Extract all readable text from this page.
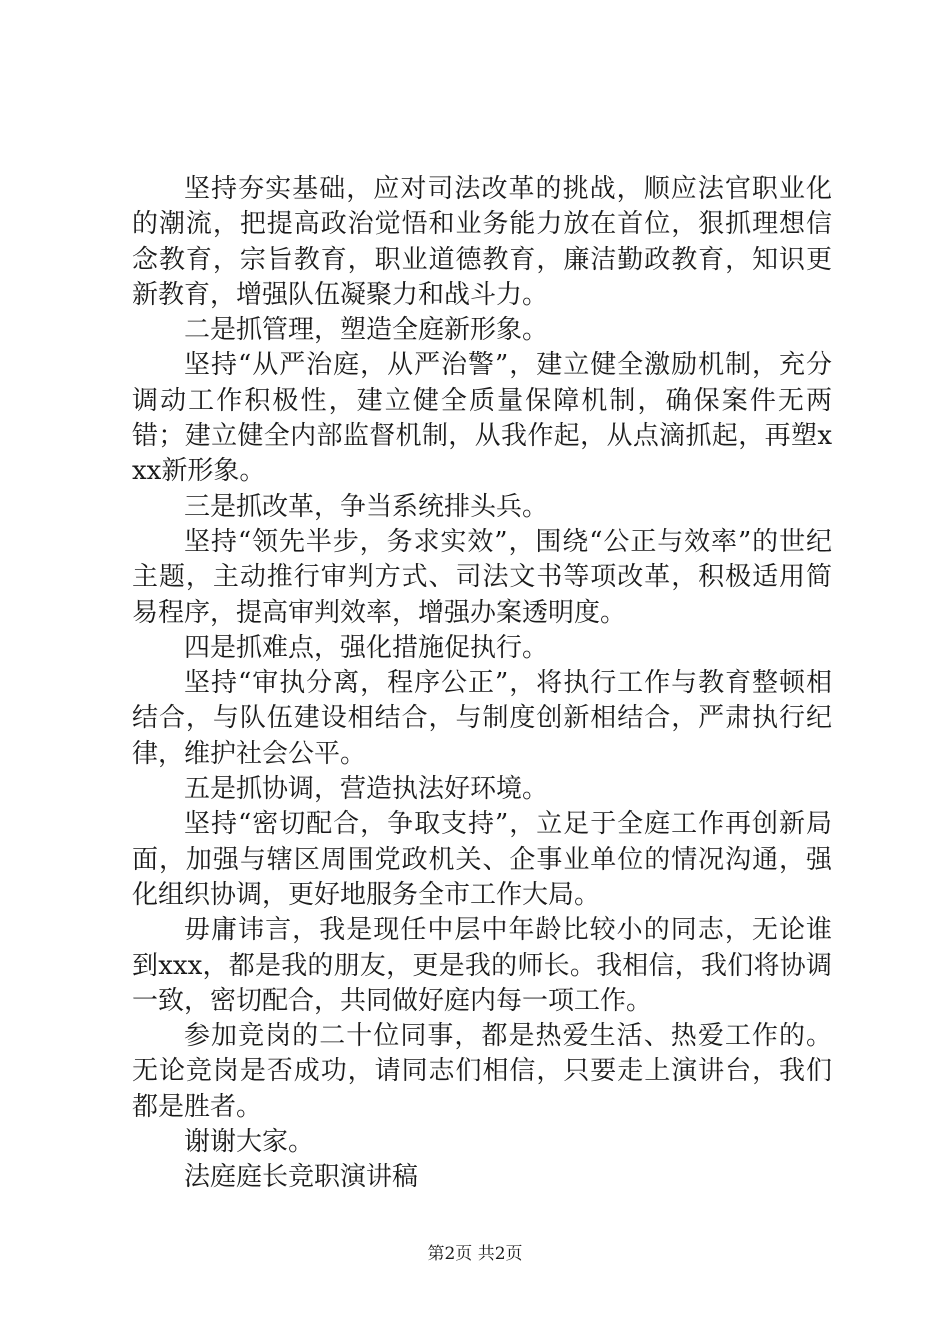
坚持夯实基础，应对司法改革的挑战，顺应法官职业化的潮流，把提高政治觉悟和业务能力放在首位，狠抓理想信念教育，宗旨教育，职业道德教育，廉洁勤政教育，知识更新教育，增强队伍凝聚力和战斗力。

二是抓管理，塑造全庭新形象。

坚持“从严治庭，从严治警”，建立健全激励机制，充分调动工作积极性，建立健全质量保障机制，确保案件无两错；建立健全内部监督机制，从我作起，从点滴抓起，再塑xxx新形象。

三是抓改革，争当系统排头兵。

坚持“领先半步，务求实效”，围绕“公正与效率”的世纪主题，主动推行审判方式、司法文书等项改革，积极适用简易程序，提高审判效率，增强办案透明度。

四是抓难点，强化措施促执行。

坚持“审执分离，程序公正”，将执行工作与教育整顿相结合，与队伍建设相结合，与制度创新相结合，严肃执行纪律，维护社会公平。

五是抓协调，营造执法好环境。

坚持“密切配合，争取支持”，立足于全庭工作再创新局面，加强与辖区周围党政机关、企事业单位的情况沟通，强化组织协调，更好地服务全市工作大局。

毋庸讳言，我是现任中层中年龄比较小的同志，无论谁到xxx，都是我的朋友，更是我的师长。我相信，我们将协调一致，密切配合，共同做好庭内每一项工作。

参加竞岗的二十位同事，都是热爱生活、热爱工作的。无论竞岗是否成功，请同志们相信，只要走上演讲台，我们都是胜者。

谢谢大家。

法庭庭长竞职演讲稿

第2页 共2页
